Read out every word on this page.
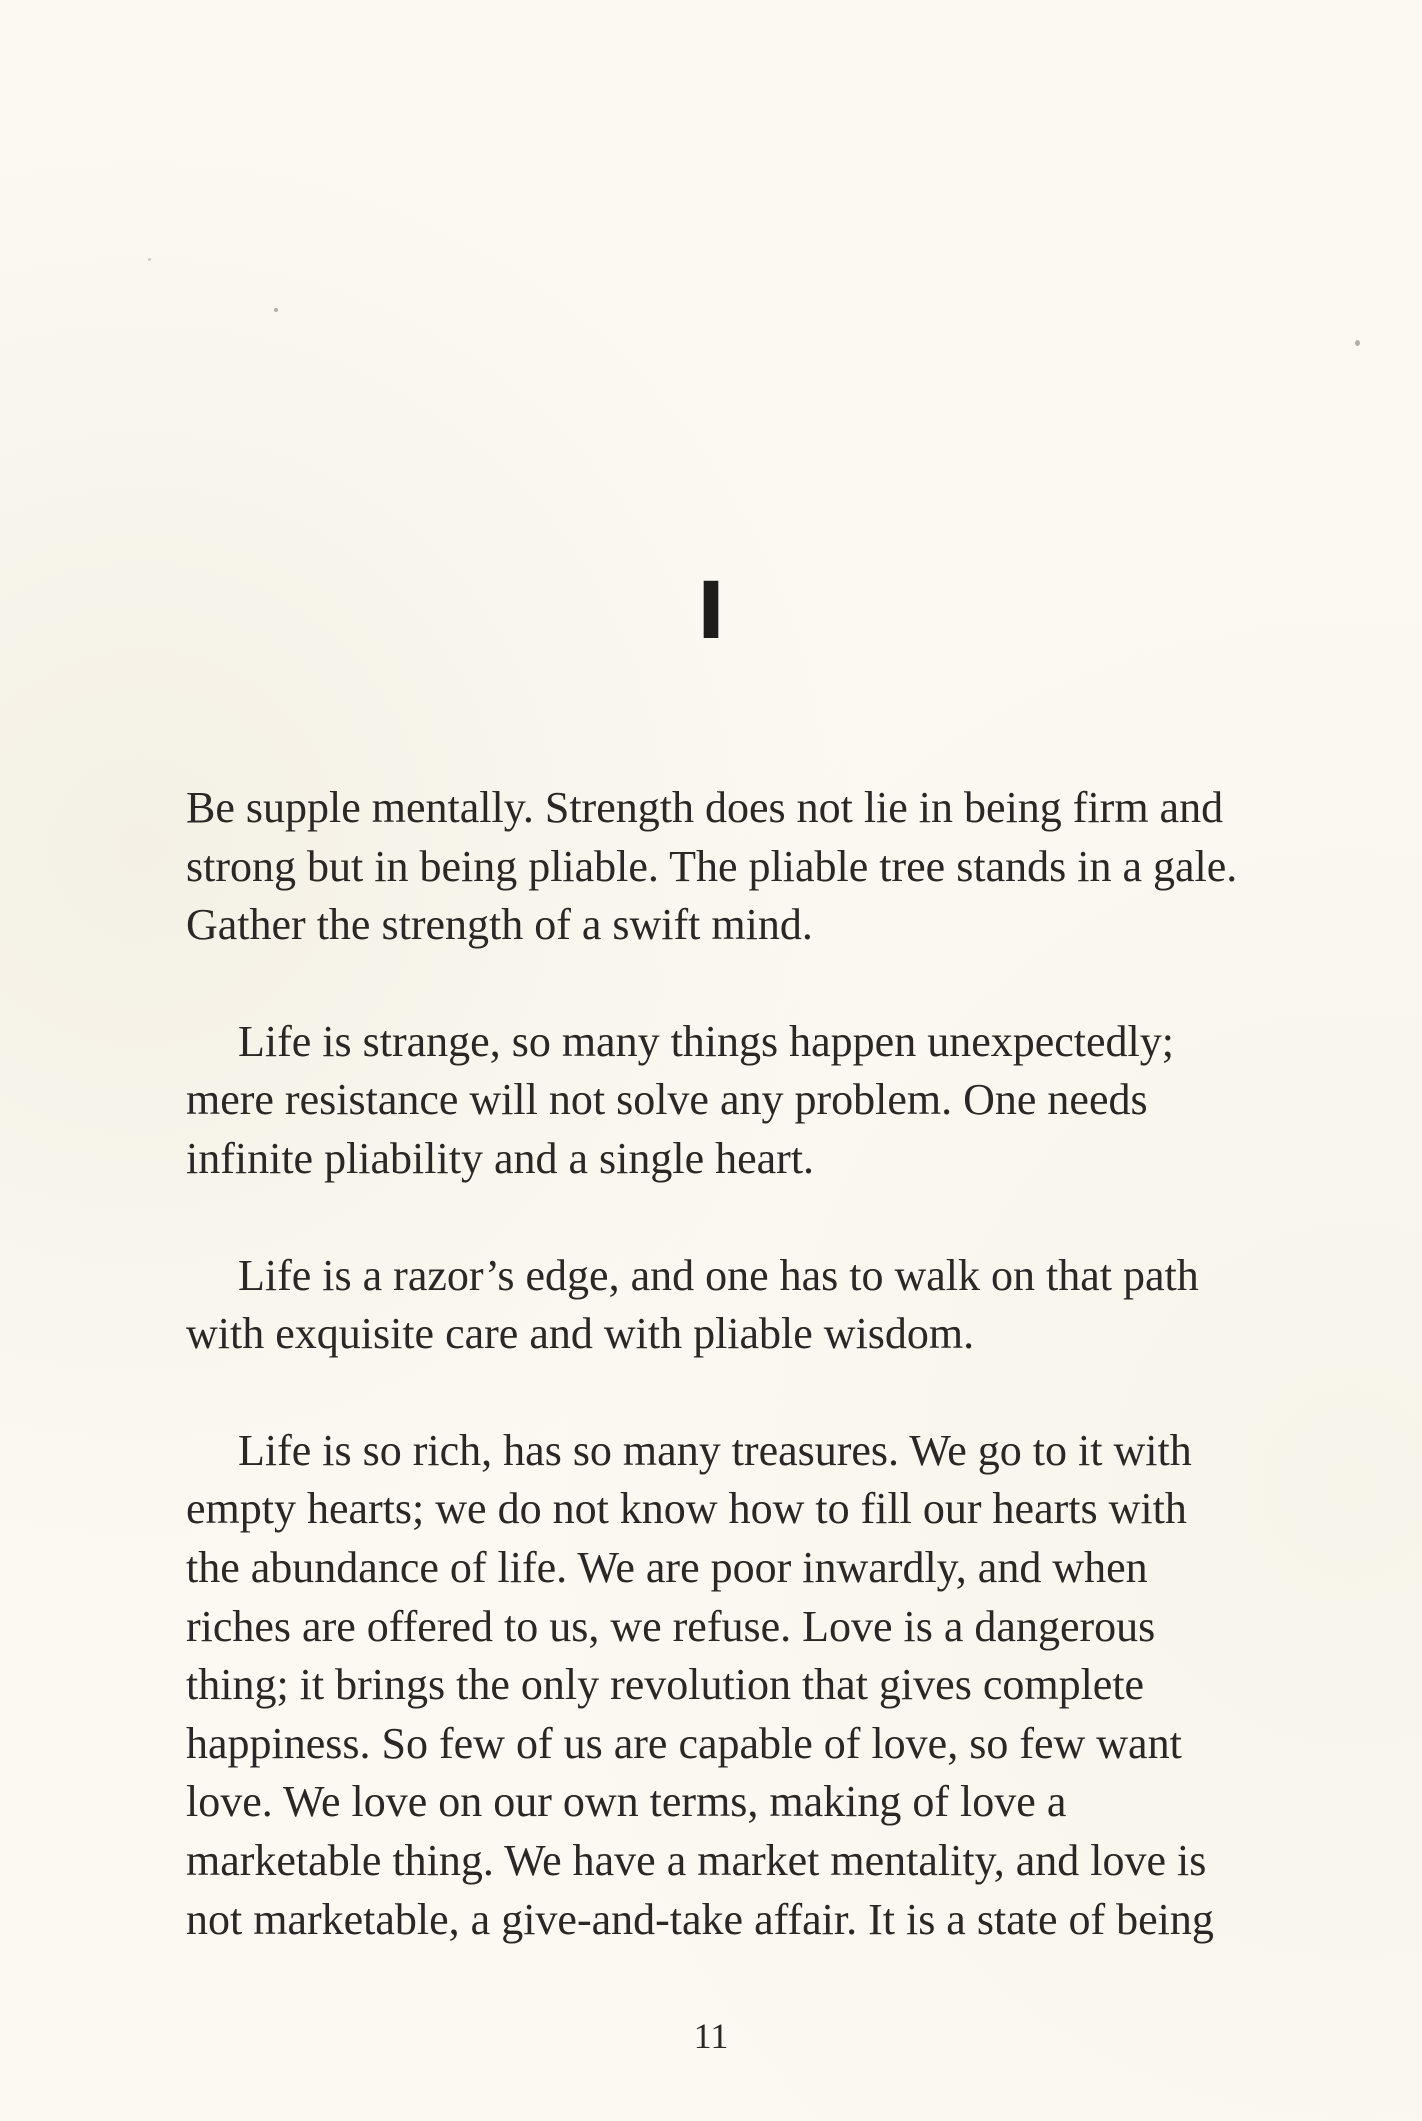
I

Be supple mentally. Strength does not lie in being firm and
strong but in being pliable. The pliable tree stands in a gale.
Gather the strength of a swift mind.

Life is strange, so many things happen unexpectedly;
mere resistance will not solve any problem. One needs
infinite pliability and a single heart.

Life is a razor’s edge, and one has to walk on that path
with exquisite care and with pliable wisdom.

Life is so rich, has so many treasures. We go to it with
empty hearts; we do not know how to fill our hearts with
the abundance of life. We are poor inwardly, and when
riches are offered to us, we refuse. Love is a dangerous
thing; it brings the only revolution that gives complete
happiness. So few of us are capable of love, so few want
love. We love on our own terms, making of love a
marketable thing. We have a market mentality, and love is
not marketable, a give-and-take affair. It is a state of being

11
